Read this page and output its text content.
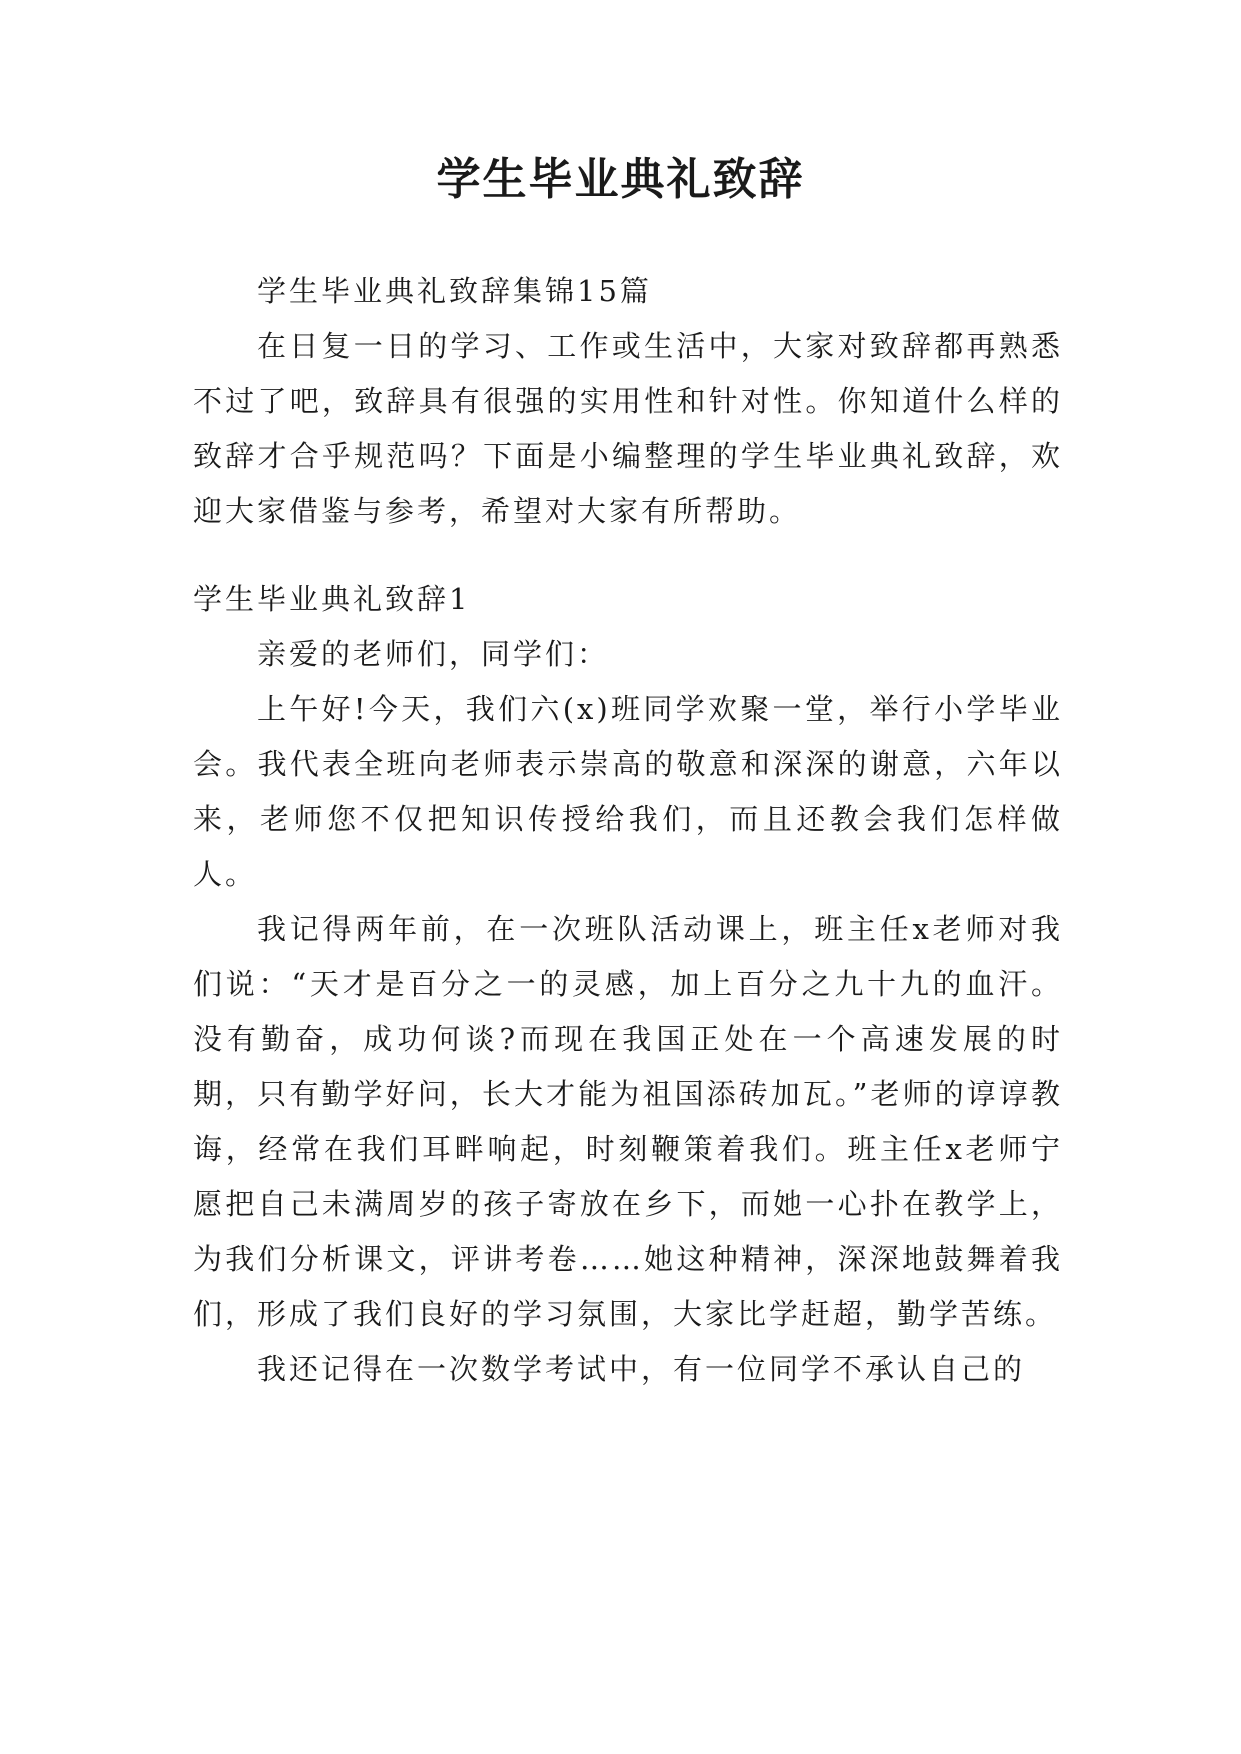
学生毕业典礼致辞

学生毕业典礼致辞集锦15篇

在日复一日的学习、工作或生活中，大家对致辞都再熟悉不过了吧，致辞具有很强的实用性和针对性。你知道什么样的致辞才合乎规范吗？下面是小编整理的学生毕业典礼致辞，欢迎大家借鉴与参考，希望对大家有所帮助。

学生毕业典礼致辞1

亲爱的老师们，同学们：

上午好!今天，我们六(x)班同学欢聚一堂，举行小学毕业会。我代表全班向老师表示崇高的敬意和深深的谢意，六年以来，老师您不仅把知识传授给我们，而且还教会我们怎样做人。

我记得两年前，在一次班队活动课上，班主任x老师对我们说：“天才是百分之一的灵感，加上百分之九十九的血汗。没有勤奋，成功何谈?而现在我国正处在一个高速发展的时期，只有勤学好问，长大才能为祖国添砖加瓦。”老师的谆谆教诲，经常在我们耳畔响起，时刻鞭策着我们。班主任x老师宁愿把自己未满周岁的孩子寄放在乡下，而她一心扑在教学上，为我们分析课文，评讲考卷……她这种精神，深深地鼓舞着我们，形成了我们良好的学习氛围，大家比学赶超，勤学苦练。

我还记得在一次数学考试中，有一位同学不承认自己的
